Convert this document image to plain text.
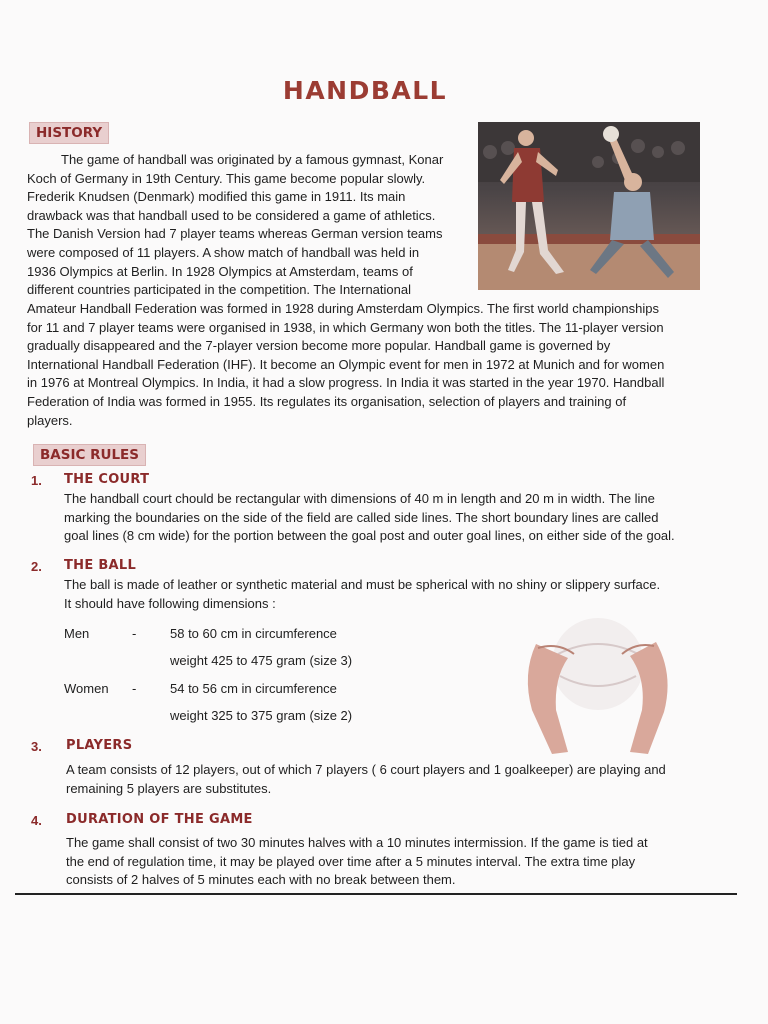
HANDBALL
HISTORY
The game of handball was originated by a famous gymnast, Konar
Koch of Germany in 19th Century. This game become popular slowly.
Frederik Knudsen (Denmark) modified this game in 1911. Its main
drawback was that handball used to be considered a game of athletics.
The Danish Version had 7 player teams whereas German version teams
were composed of 11 players. A show match of handball was held in
1936 Olympics at Berlin. In 1928 Olympics at Amsterdam, teams of
different countries participated in the competition. The International
Amateur Handball Federation was formed in 1928 during Amsterdam Olympics. The first world championships
for 11 and 7 player teams were organised in 1938, in which Germany won both the titles. The 11-player version
gradually disappeared and the 7-player version become more popular. Handball game is governed by
International Handball Federation (IHF). It become an Olympic event for men in 1972 at Munich and for women
in 1976 at Montreal Olympics. In India, it had a slow progress. In India it was started in the year 1970. Handball
Federation of India was formed in 1955. Its regulates its organisation, selection of players and training of
players.
BASIC RULES
1. THE COURT
The handball court chould be rectangular with dimensions of 40 m in length and 20 m in width. The line
marking the boundaries on the side of the field are called side lines. The short boundary lines are called
goal lines (8 cm wide) for the portion between the goal post and outer goal lines, on either side of the goal.
2. THE BALL
The ball is made of leather or synthetic material and must be spherical with no shiny or slippery surface.
It should have following dimensions :
Men	-	58 to 60 cm in circumference
weight 425 to 475 gram (size 3)
Women -	54 to 56 cm in circumference
weight 325 to 375 gram (size 2)
3. PLAYERS
A team consists of 12 players, out of which 7 players ( 6 court players and 1 goalkeeper) are playing and
remaining 5 players are substitutes.
4. DURATION OF THE GAME
The game shall consist of two 30 minutes halves with a 10 minutes intermission. If the game is tied at
the end of regulation time, it may be played over time after a 5 minutes interval. The extra time play
consists of 2 halves of 5 minutes each with no break between them.
